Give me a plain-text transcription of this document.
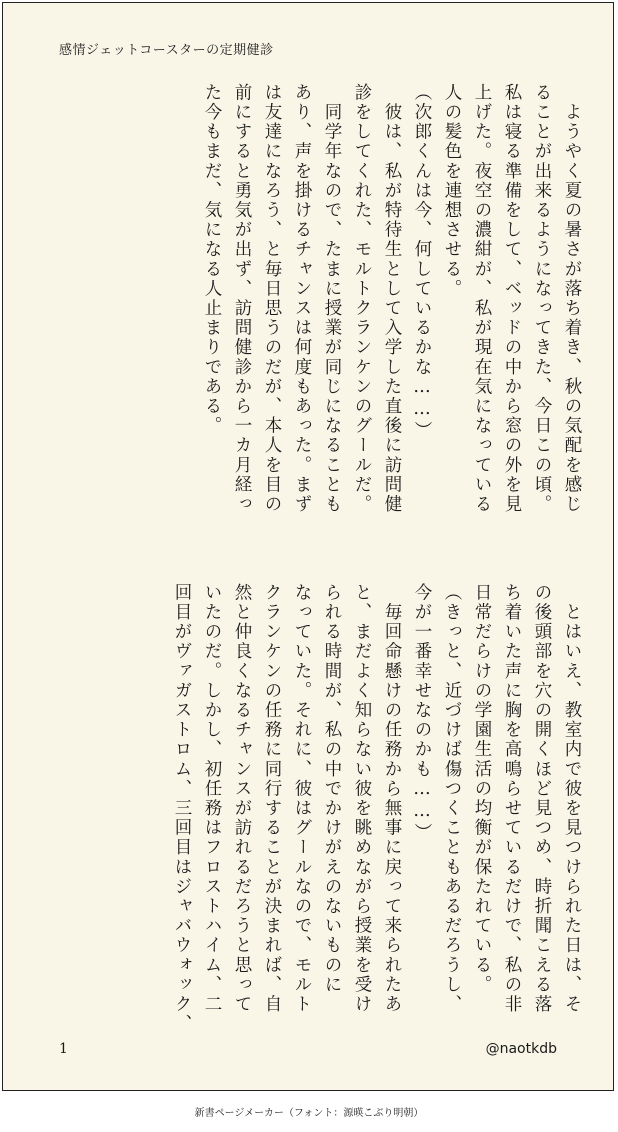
感情ジェットコースターの定期健診

　ようやく夏の暑さが落ち着き、秋の気配を感じ

ることが出来るようになってきた、今日この頃。

私は寝る準備をして、ベッドの中から窓の外を見

上げた。夜空の濃紺が、私が現在気になっている

人の髪色を連想させる。

（次郎くんは今、何しているかな……）

　彼は、私が特待生として入学した直後に訪問健

診をしてくれた、モルトクランケンのグールだ。

　同学年なので、たまに授業が同じになることも

あり、声を掛けるチャンスは何度もあった。まず

は友達になろう、と毎日思うのだが、本人を目の

前にすると勇気が出ず、訪問健診から一カ月経っ

た今もまだ、気になる人止まりである。

　とはいえ、教室内で彼を見つけられた日は、そ

の後頭部を穴の開くほど見つめ、時折聞こえる落

ち着いた声に胸を高鳴らせているだけで、私の非

日常だらけの学園生活の均衡が保たれている。

（きっと、近づけば傷つくこともあるだろうし、

今が一番幸せなのかも……）

　毎回命懸けの任務から無事に戻って来られたあ

と、まだよく知らない彼を眺めながら授業を受け

られる時間が、私の中でかけがえのないものに

なっていた。それに、彼はグールなので、モルト

クランケンの任務に同行することが決まれば、自

然と仲良くなるチャンスが訪れるだろうと思って

いたのだ。しかし、初任務はフロストハイム、二

回目がヴァガストロム、三回目はジャバウォック、

1	@naotkdb
新書ページメーカー（フォント：源暎こぶり明朝）
